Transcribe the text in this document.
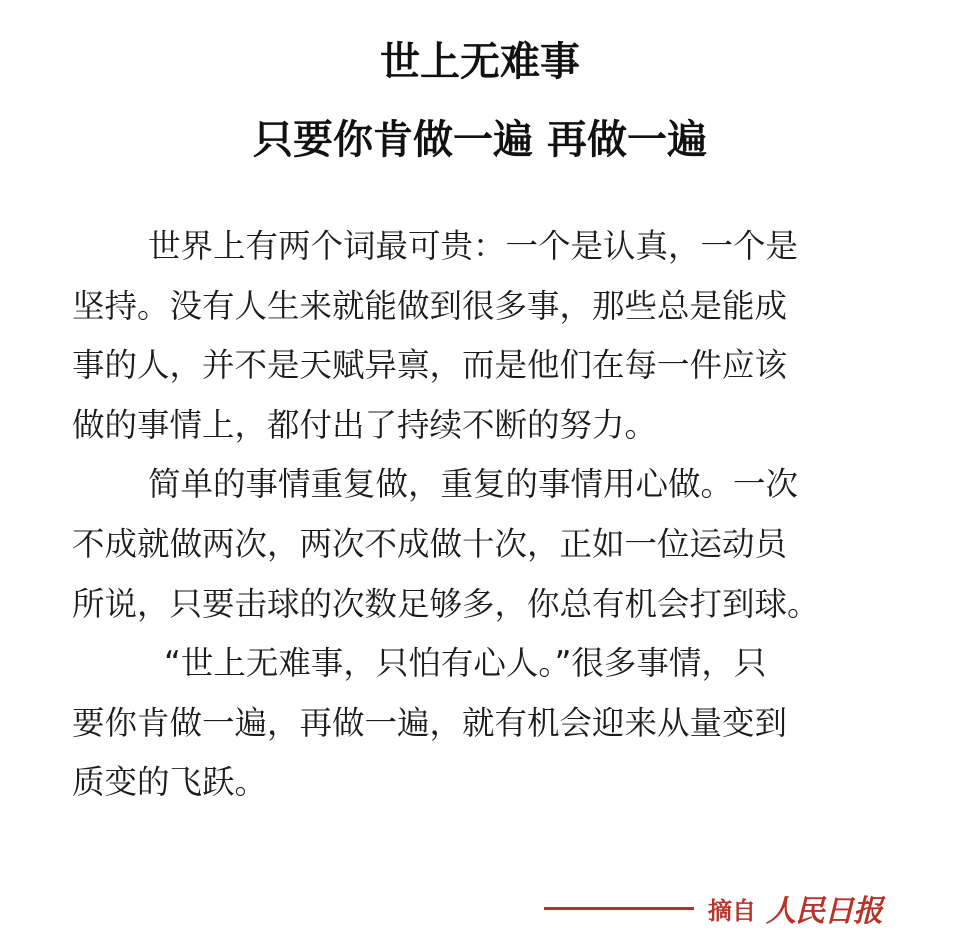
世上无难事
只要你肯做一遍 再做一遍
世界上有两个词最可贵：一个是认真，一个是
坚持。没有人生来就能做到很多事，那些总是能成
事的人，并不是天赋异禀，而是他们在每一件应该
做的事情上，都付出了持续不断的努力。
简单的事情重复做，重复的事情用心做。一次
不成就做两次，两次不成做十次，正如一位运动员
所说，只要击球的次数足够多，你总有机会打到球。
“世上无难事，只怕有心人。”很多事情，只
要你肯做一遍，再做一遍，就有机会迎来从量变到
质变的飞跃。
摘自 人民日报
